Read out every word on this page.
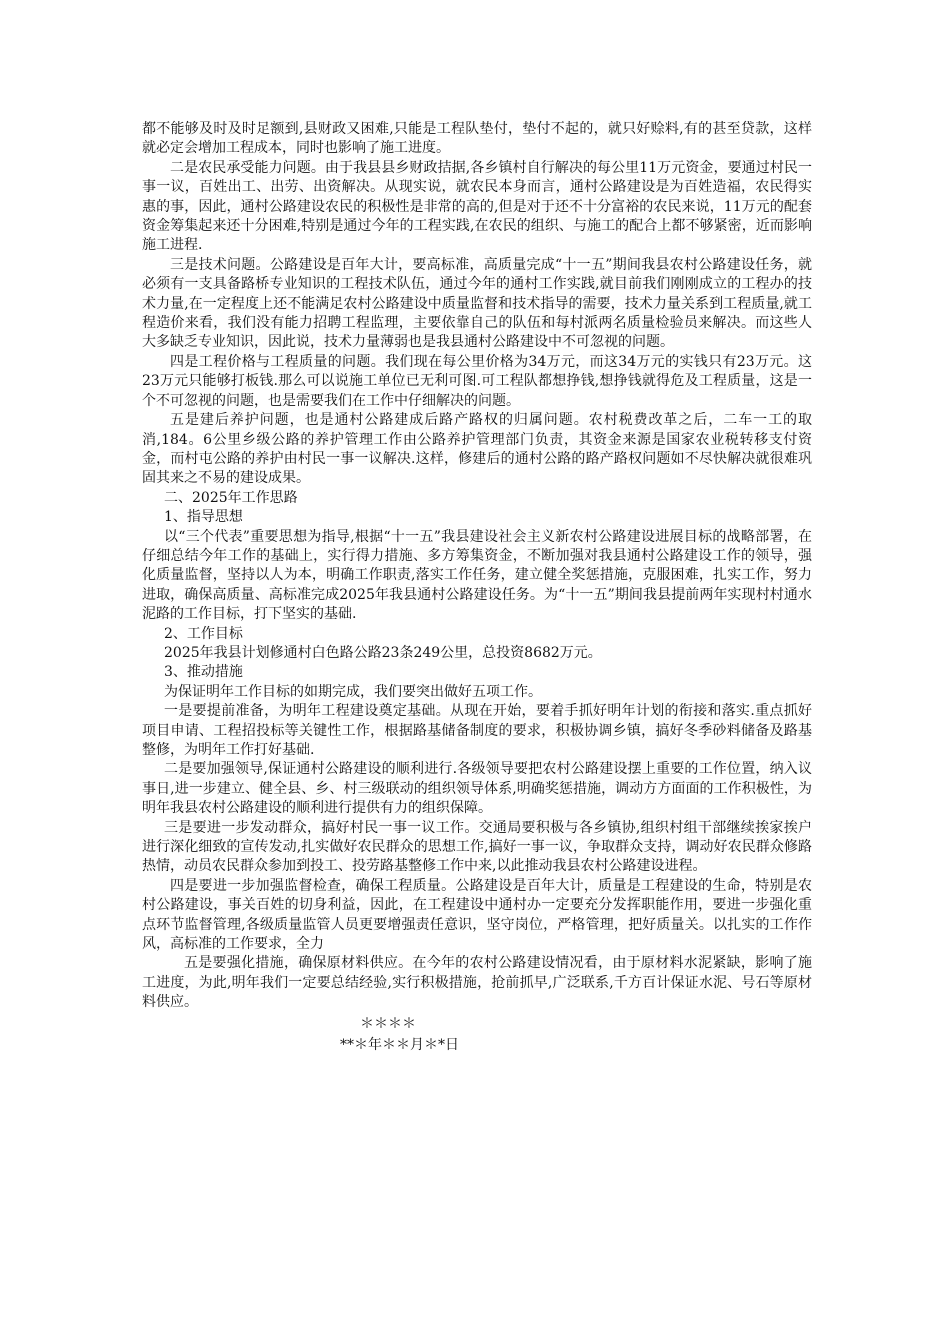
都不能够及时及时足额到,县财政又困难,只能是工程队垫付，垫付不起的，就只好赊料,有的甚至贷款，这样就必定会增加工程成本，同时也影响了施工进度。

二是农民承受能力问题。由于我县县乡财政拮据,各乡镇村自行解决的每公里11万元资金，要通过村民一事一议，百姓出工、出劳、出资解决。从现实说，就农民本身而言，通村公路建设是为百姓造福，农民得实惠的事，因此，通村公路建设农民的积极性是非常的高的,但是对于还不十分富裕的农民来说，11万元的配套资金筹集起来还十分困难,特别是通过今年的工程实践,在农民的组织、与施工的配合上都不够紧密，近而影响施工进程.

三是技术问题。公路建设是百年大计，要高标准，高质量完成“十一五”期间我县农村公路建设任务，就必须有一支具备路桥专业知识的工程技术队伍，通过今年的通村工作实践,就目前我们刚刚成立的工程办的技术力量,在一定程度上还不能满足农村公路建设中质量监督和技术指导的需要，技术力量关系到工程质量,就工程造价来看，我们没有能力招聘工程监理，主要依靠自己的队伍和每村派两名质量检验员来解决。而这些人大多缺乏专业知识，因此说，技术力量薄弱也是我县通村公路建设中不可忽视的问题。

四是工程价格与工程质量的问题。我们现在每公里价格为34万元，而这34万元的实钱只有23万元。这23万元只能够打板钱.那么可以说施工单位已无利可图.可工程队都想挣钱,想挣钱就得危及工程质量，这是一个不可忽视的问题，也是需要我们在工作中仔细解决的问题。

五是建后养护问题，也是通村公路建成后路产路权的归属问题。农村税费改革之后，二车一工的取消,184。6公里乡级公路的养护管理工作由公路养护管理部门负责，其资金来源是国家农业税转移支付资金，而村屯公路的养护由村民一事一议解决.这样，修建后的通村公路的路产路权问题如不尽快解决就很难巩固其来之不易的建设成果。

二、2025年工作思路

1、指导思想

以“三个代表”重要思想为指导,根据“十一五”我县建设社会主义新农村公路建设进展目标的战略部署，在仔细总结今年工作的基础上，实行得力措施、多方筹集资金，不断加强对我县通村公路建设工作的领导，强化质量监督，坚持以人为本，明确工作职责,落实工作任务，建立健全奖惩措施，克服困难，扎实工作，努力进取，确保高质量、高标准完成2025年我县通村公路建设任务。为“十一五”期间我县提前两年实现村村通水泥路的工作目标，打下坚实的基础.

2、工作目标

2025年我县计划修通村白色路公路23条249公里，总投资8682万元。

3、推动措施

为保证明年工作目标的如期完成，我们要突出做好五项工作。

一是要提前准备，为明年工程建设奠定基础。从现在开始，要着手抓好明年计划的衔接和落实.重点抓好项目申请、工程招投标等关键性工作，根据路基储备制度的要求，积极协调乡镇，搞好冬季砂料储备及路基整修，为明年工作打好基础.

二是要加强领导,保证通村公路建设的顺利进行.各级领导要把农村公路建设摆上重要的工作位置，纳入议事日,进一步建立、健全县、乡、村三级联动的组织领导体系,明确奖惩措施，调动方方面面的工作积极性，为明年我县农村公路建设的顺利进行提供有力的组织保障。

三是要进一步发动群众，搞好村民一事一议工作。交通局要积极与各乡镇协,组织村组干部继续挨家挨户进行深化细致的宣传发动,扎实做好农民群众的思想工作,搞好一事一议，争取群众支持，调动好农民群众修路热情，动员农民群众参加到投工、投劳路基整修工作中来,以此推动我县农村公路建设进程。

四是要进一步加强监督检查，确保工程质量。公路建设是百年大计，质量是工程建设的生命，特别是农村公路建设，事关百姓的切身利益，因此，在工程建设中通村办一定要充分发挥职能作用，要进一步强化重点环节监督管理,各级质量监管人员更要增强责任意识，坚守岗位，严格管理，把好质量关。以扎实的工作作风，高标准的工作要求，全力

五是要强化措施，确保原材料供应。在今年的农村公路建设情况看，由于原材料水泥紧缺，影响了施工进度，为此,明年我们一定要总结经验,实行积极措施，抢前抓早,广泛联系,千方百计保证水泥、号石等原材料供应。

＊＊＊＊

**＊年＊＊月＊*日
